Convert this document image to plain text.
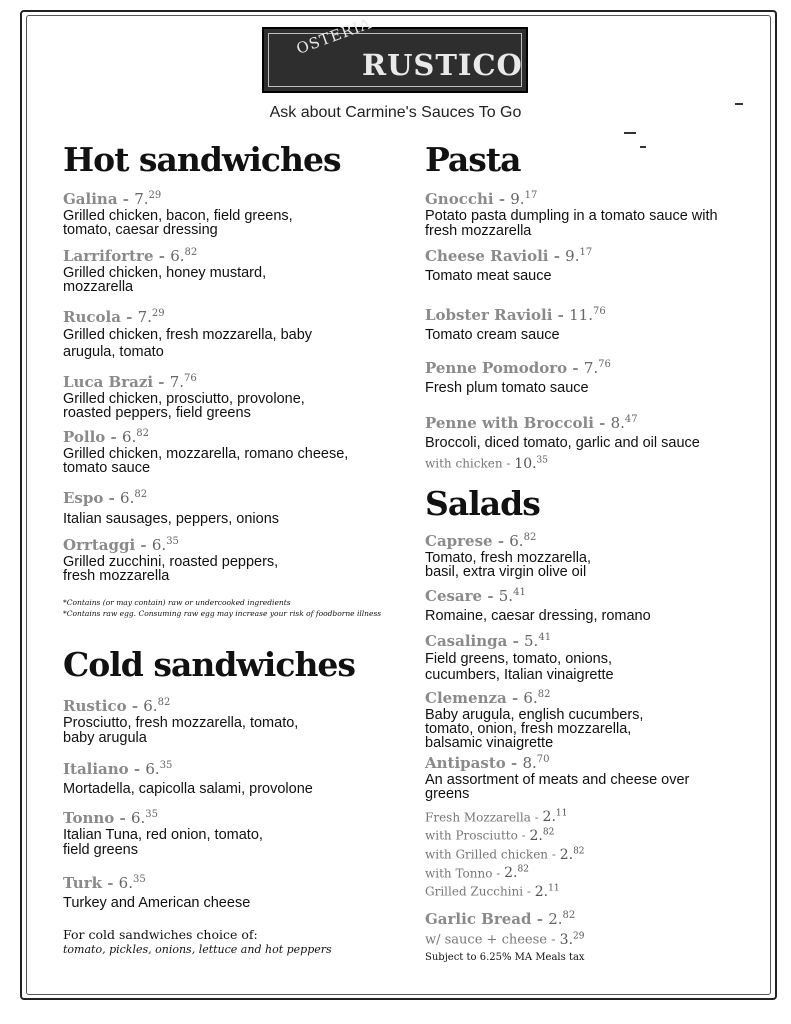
OSTERIA
RUSTICO
Ask about Carmine's Sauces To Go
Hot sandwiches
Galina - 7.29
Grilled chicken, bacon, field greens, tomato, caesar dressing
Larrifortre - 6.82
Grilled chicken, honey mustard, mozzarella
Rucola - 7.29
Grilled chicken, fresh mozzarella, baby arugula, tomato
Luca Brazi - 7.76
Grilled chicken, prosciutto, provolone, roasted peppers, field greens
Pollo - 6.82
Grilled chicken, mozzarella, romano cheese, tomato sauce
Espo - 6.82
Italian sausages, peppers, onions
Orrtaggi - 6.35
Grilled zucchini, roasted peppers, fresh mozzarella
*Contains (or may contain) raw or undercooked ingredients
*Contains raw egg. Consuming raw egg may increase your risk of foodborne illness
Cold sandwiches
Rustico - 6.82
Prosciutto, fresh mozzarella, tomato, baby arugula
Italiano - 6.35
Mortadella, capicolla salami, provolone
Tonno - 6.35
Italian Tuna, red onion, tomato, field greens
Turk - 6.35
Turkey and American cheese
For cold sandwiches choice of:
tomato, pickles, onions, lettuce and hot peppers
Pasta
Gnocchi - 9.17
Potato pasta dumpling in a tomato sauce with fresh mozzarella
Cheese Ravioli - 9.17
Tomato meat sauce
Lobster Ravioli - 11.76
Tomato cream sauce
Penne Pomodoro - 7.76
Fresh plum tomato sauce
Penne with Broccoli - 8.47
Broccoli, diced tomato, garlic and oil sauce
with chicken - 10.35
Salads
Caprese - 6.82
Tomato, fresh mozzarella, basil, extra virgin olive oil
Cesare - 5.41
Romaine, caesar dressing, romano
Casalinga - 5.41
Field greens, tomato, onions, cucumbers, Italian vinaigrette
Clemenza - 6.82
Baby arugula, english cucumbers, tomato, onion, fresh mozzarella, balsamic vinaigrette
Antipasto - 8.70
An assortment of meats and cheese over greens
Fresh Mozzarella - 2.11
with Prosciutto - 2.82
with Grilled chicken - 2.82
with Tonno - 2.82
Grilled Zucchini - 2.11
Garlic Bread - 2.82
w/ sauce + cheese - 3.29
Subject to 6.25% MA Meals tax
